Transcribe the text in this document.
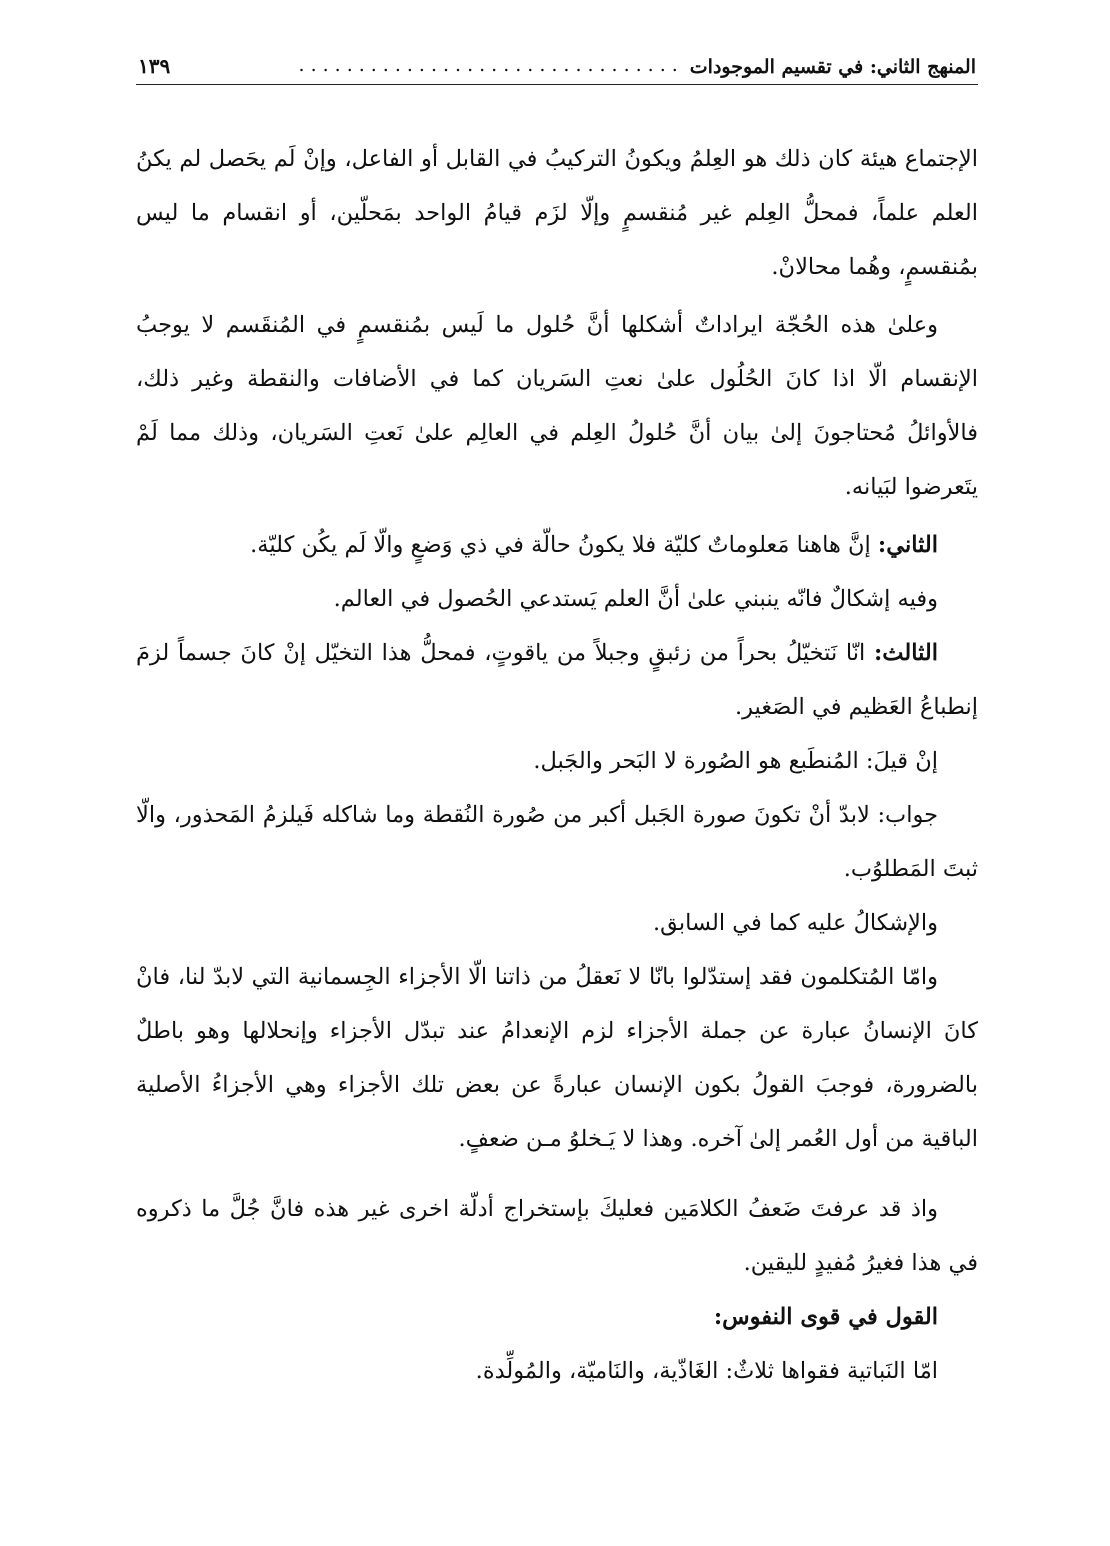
المنهج الثاني: في تقسيم الموجودات
................................
١٣٩

الإجتماع هيئة كان ذلك هو العِلمُ ويكونُ التركيبُ في القابل أو الفاعل، وإنْ لَم يحَصل لم يكنُ العلم علماً، فمحلُّ العِلم غير مُنقسمٍ وإلّا لزَم قيامُ الواحد بمَحلّين، أو انقسام ما ليس بمُنقسمٍ، وهُما محالانْ.

وعلىٰ هذه الحُجّة ايراداتٌ أشكلها أنَّ حُلول ما لَيس بمُنقسمٍ في المُنقَسم لا يوجبُ الإنقسام الّا اذا كانَ الحُلُول علىٰ نعتِ السَريان كما في الأضافات والنقطة وغير ذلك، فالأوائلُ مُحتاجونَ إلىٰ بيان أنَّ حُلولُ العِلم في العالِم علىٰ نَعتِ السَريان، وذلك مما لَمْ يتَعرضوا لبَيانه.

الثاني: إنَّ هاهنا مَعلوماتٌ كليّة فلا يكونُ حالّة في ذي وَضعٍ والّا لَم يكُن كليّة.

وفيه إشكالٌ فانّه ينبني علىٰ أنَّ العلم يَستدعي الحُصول في العالم.

الثالث: انّا نَتخيّلُ بحراً من زئبقٍ وجبلاً من ياقوتٍ، فمحلُّ هذا التخيّل إنْ كانَ جسماً لزمَ إنطباعُ العَظيم في الصَغير.

إنْ قيلَ: المُنطَبع هو الصُورة لا البَحر والجَبل.

جواب: لابدّ أنْ تكونَ صورة الجَبل أكبر من صُورة النُقطة وما شاكله فَيلزمُ المَحذور، والّا ثبتَ المَطلوُب.

والإشكالُ عليه كما في السابق.

وامّا المُتكلمون فقد إستدّلوا بانّا لا نَعقلُ من ذاتنا الّا الأجزاء الجِسمانية التي لابدّ لنا، فانْ كانَ الإنسانُ عبارة عن جملة الأجزاء لزم الإنعدامُ عند تبدّل الأجزاء وإنحلالها وهو باطلٌ بالضرورة، فوجبَ القولُ بكون الإنسان عبارةً عن بعض تلك الأجزاء وهي الأجزاءُ الأصلية الباقية من أول العُمر إلىٰ آخره. وهذا لا يَـخلوُ مـن ضعفٍ.

واذ قد عرفتَ ضَعفُ الكلامَين فعليكَ بإستخراج أدلّة اخرى غير هذه فانَّ جُلَّ ما ذكروه في هذا فغيرُ مُفيدٍ لليقين.

القول في قوى النفوس:

امّا النَباتية فقواها ثلاثٌ: الغَاذّية، والنَاميّة، والمُولِّدة.
